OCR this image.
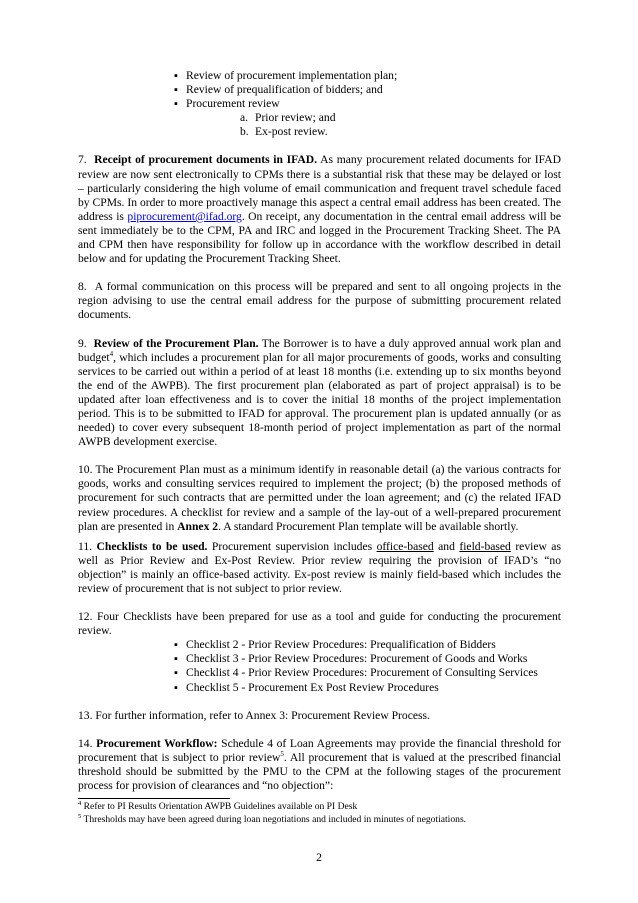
▪ Review of procurement implementation plan;
▪ Review of prequalification of bidders; and
▪ Procurement review
a. Prior review; and
b. Ex-post review.

7. Receipt of procurement documents in IFAD. As many procurement related documents for IFAD review are now sent electronically to CPMs there is a substantial risk that these may be delayed or lost – particularly considering the high volume of email communication and frequent travel schedule faced by CPMs. In order to more proactively manage this aspect a central email address has been created. The address is piprocurement@ifad.org. On receipt, any documentation in the central email address will be sent immediately be to the CPM, PA and IRC and logged in the Procurement Tracking Sheet. The PA and CPM then have responsibility for follow up in accordance with the workflow described in detail below and for updating the Procurement Tracking Sheet.

8. A formal communication on this process will be prepared and sent to all ongoing projects in the region advising to use the central email address for the purpose of submitting procurement related documents.

9. Review of the Procurement Plan. The Borrower is to have a duly approved annual work plan and budget$^4$, which includes a procurement plan for all major procurements of goods, works and consulting services to be carried out within a period of at least 18 months (i.e. extending up to six months beyond the end of the AWPB). The first procurement plan (elaborated as part of project appraisal) is to be updated after loan effectiveness and is to cover the initial 18 months of the project implementation period. This is to be submitted to IFAD for approval. The procurement plan is updated annually (or as needed) to cover every subsequent 18-month period of project implementation as part of the normal AWPB development exercise.

10. The Procurement Plan must as a minimum identify in reasonable detail (a) the various contracts for goods, works and consulting services required to implement the project; (b) the proposed methods of procurement for such contracts that are permitted under the loan agreement; and (c) the related IFAD review procedures. A checklist for review and a sample of the lay-out of a well-prepared procurement plan are presented in Annex 2. A standard Procurement Plan template will be available shortly.

11. Checklists to be used. Procurement supervision includes office-based and field-based review as well as Prior Review and Ex-Post Review. Prior review requiring the provision of IFAD’s “no objection” is mainly an office-based activity. Ex-post review is mainly field-based which includes the review of procurement that is not subject to prior review.

12. Four Checklists have been prepared for use as a tool and guide for conducting the procurement review.

▪ Checklist 2 - Prior Review Procedures: Prequalification of Bidders
▪ Checklist 3 - Prior Review Procedures: Procurement of Goods and Works
▪ Checklist 4 - Prior Review Procedures: Procurement of Consulting Services
▪ Checklist 5 - Procurement Ex Post Review Procedures

13. For further information, refer to Annex 3: Procurement Review Process.

14. Procurement Workflow: Schedule 4 of Loan Agreements may provide the financial threshold for procurement that is subject to prior review$^5$. All procurement that is valued at the prescribed financial threshold should be submitted by the PMU to the CPM at the following stages of the procurement process for provision of clearances and “no objection”:

$^4$ Refer to PI Results Orientation AWPB Guidelines available on PI Desk
$^5$ Thresholds may have been agreed during loan negotiations and included in minutes of negotiations.
2
